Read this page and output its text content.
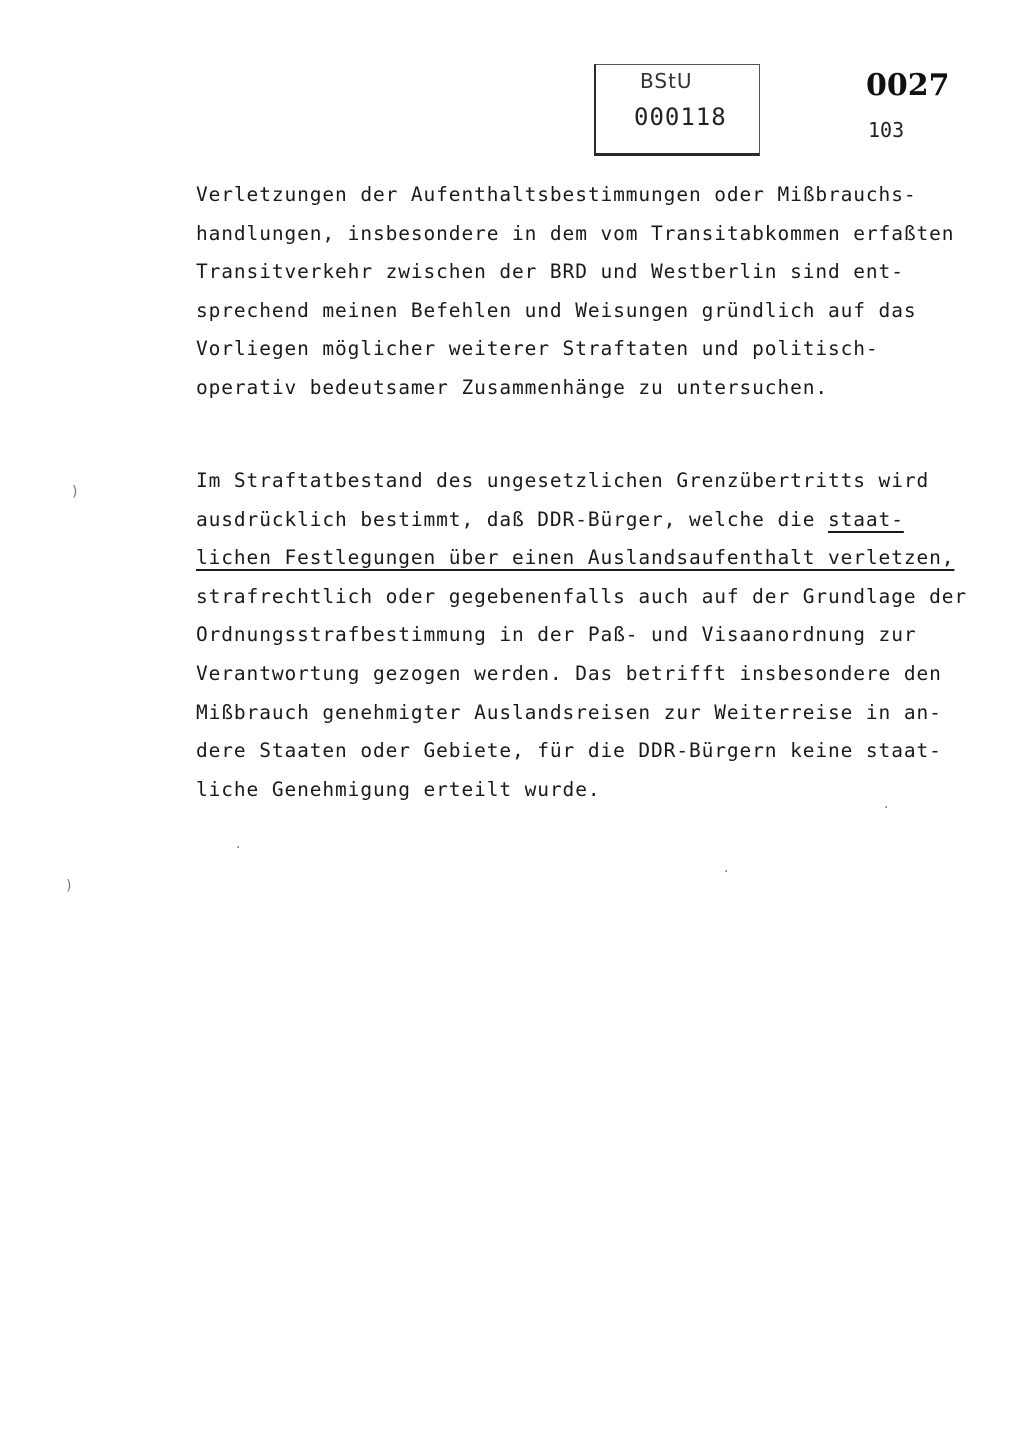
BStU
000118
0027
103
Verletzungen der Aufenthaltsbestimmungen oder Mißbrauchs-
handlungen, insbesondere in dem vom Transitabkommen erfaßten
Transitverkehr zwischen der BRD und Westberlin sind ent-
sprechend meinen Befehlen und Weisungen gründlich auf das
Vorliegen möglicher weiterer Straftaten und politisch-
operativ bedeutsamer Zusammenhänge zu untersuchen.
Im Straftatbestand des ungesetzlichen Grenzübertritts wird
ausdrücklich bestimmt, daß DDR-Bürger, welche die staat-
lichen Festlegungen über einen Auslandsaufenthalt verletzen,
strafrechtlich oder gegebenenfalls auch auf der Grundlage der
Ordnungsstrafbestimmung in der Paß- und Visaanordnung zur
Verantwortung gezogen werden. Das betrifft insbesondere den
Mißbrauch genehmigter Auslandsreisen zur Weiterreise in an-
dere Staaten oder Gebiete, für die DDR-Bürgern keine staat-
liche Genehmigung erteilt wurde.
)
)
.
.
.
